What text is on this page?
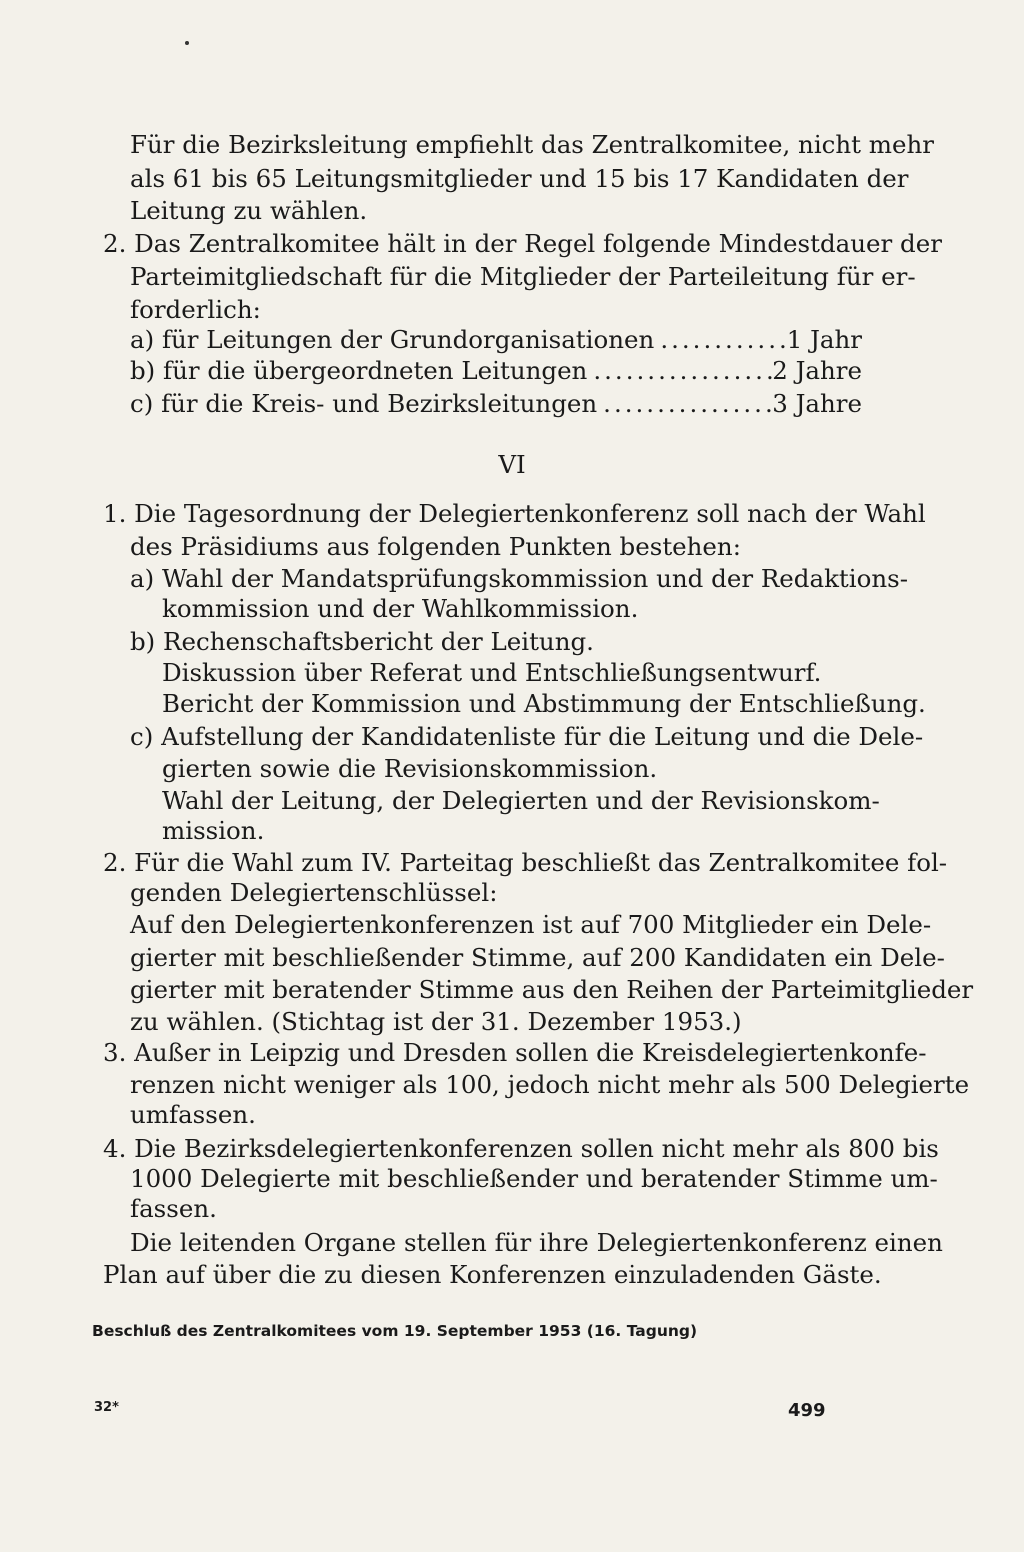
Für die Bezirksleitung empfiehlt das Zentralkomitee, nicht mehr
als 61 bis 65 Leitungsmitglieder und 15 bis 17 Kandidaten der
Leitung zu wählen.
2. Das Zentralkomitee hält in der Regel folgende Mindestdauer der
Parteimitgliedschaft für die Mitglieder der Parteileitung für er-
forderlich:
a) für Leitungen der Grundorganisationen .....	1 Jahr
b) für die übergeordneten Leitungen .....	2 Jahre
c) für die Kreis- und Bezirksleitungen .....	3 Jahre
VI
1. Die Tagesordnung der Delegiertenkonferenz soll nach der Wahl
des Präsidiums aus folgenden Punkten bestehen:
a) Wahl der Mandatsprüfungskommission und der Redaktions-
kommission und der Wahlkommission.
b) Rechenschaftsbericht der Leitung.
Diskussion über Referat und Entschließungsentwurf.
Bericht der Kommission und Abstimmung der Entschließung.
c) Aufstellung der Kandidatenliste für die Leitung und die Dele-
gierten sowie die Revisionskommission.
Wahl der Leitung, der Delegierten und der Revisionskom-
mission.
2. Für die Wahl zum IV. Parteitag beschließt das Zentralkomitee fol-
genden Delegiertenschlüssel:
Auf den Delegiertenkonferenzen ist auf 700 Mitglieder ein Dele-
gierter mit beschließender Stimme, auf 200 Kandidaten ein Dele-
gierter mit beratender Stimme aus den Reihen der Parteimitglieder
zu wählen. (Stichtag ist der 31. Dezember 1953.)
3. Außer in Leipzig und Dresden sollen die Kreisdelegiertenkonfe-
renzen nicht weniger als 100, jedoch nicht mehr als 500 Delegierte
umfassen.
4. Die Bezirksdelegiertenkonferenzen sollen nicht mehr als 800 bis
1000 Delegierte mit beschließender und beratender Stimme um-
fassen.
Die leitenden Organe stellen für ihre Delegiertenkonferenz einen
Plan auf über die zu diesen Konferenzen einzuladenden Gäste.
Beschluß des Zentralkomitees vom 19. September 1953 (16. Tagung)
32*	499
